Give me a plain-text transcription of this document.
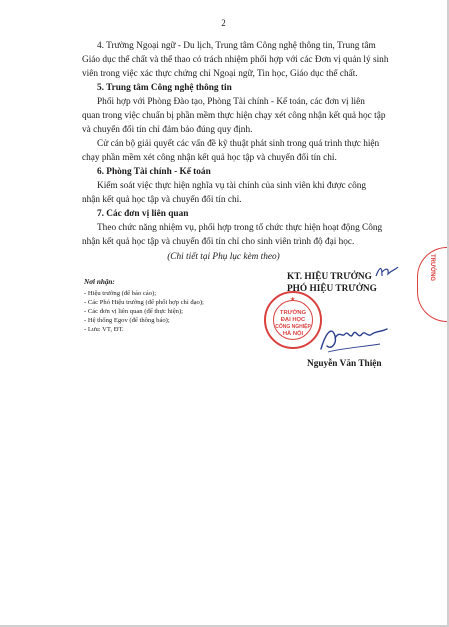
2
4. Trường Ngoại ngữ - Du lịch, Trung tâm Công nghệ thông tin, Trung tâm
Giáo dục thể chất và thể thao có trách nhiệm phối hợp với các Đơn vị quản lý sinh
viên trong việc xác thực chứng chỉ Ngoại ngữ, Tin học, Giáo dục thể chất.
5. Trung tâm Công nghệ thông tin
Phối hợp với Phòng Đào tạo, Phòng Tài chính - Kế toán, các đơn vị liên
quan trong việc chuẩn bị phần mềm thực hiện chạy xét công nhận kết quả học tập
và chuyển đổi tín chỉ đảm bảo đúng quy định.
Cử cán bộ giải quyết các vấn đề kỹ thuật phát sinh trong quá trình thực hiện
chạy phần mềm xét công nhận kết quả học tập và chuyển đổi tín chỉ.
6. Phòng Tài chính - Kế toán
Kiểm soát việc thực hiện nghĩa vụ tài chính của sinh viên khi được công
nhận kết quả học tập và chuyển đổi tín chỉ.
7. Các đơn vị liên quan
Theo chức năng nhiệm vụ, phối hợp trong tổ chức thực hiện hoạt động Công
nhận kết quả học tập và chuyển đổi tín chỉ cho sinh viên trình độ đại học.
(Chi tiết tại Phụ lục kèm theo)
Nơi nhận:
- Hiệu trưởng (để báo cáo);
- Các Phó Hiệu trưởng (để phối hợp chỉ đạo);
- Các đơn vị liên quan (để thực hiện);
- Hệ thống Egov (để thông báo);
- Lưu: VT, ĐT.
TRƯỜNG
★
TRƯỜNG
ĐẠI HỌC
CÔNG NGHIỆP
HÀ NỘI
KT. HIỆU TRƯỞNG
PHÓ HIỆU TRƯỞNG
Nguyễn Văn Thiện
